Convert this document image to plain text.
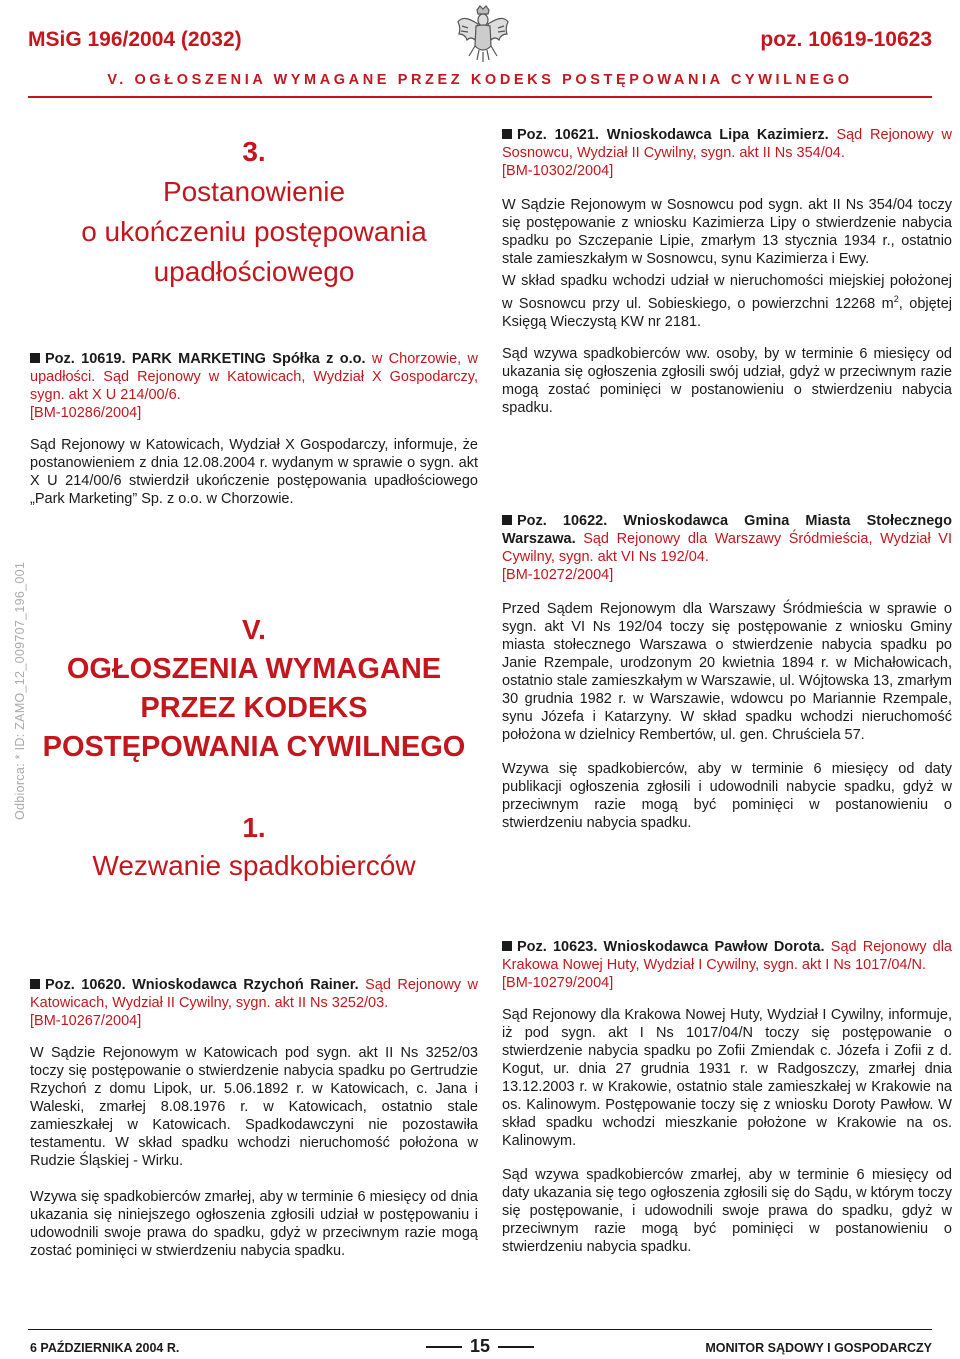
MSiG 196/2004 (2032)	poz. 10619-10623
V. OGŁOSZENIA WYMAGANE PRZEZ KODEKS POSTĘPOWANIA CYWILNEGO
Odbiorca: * ID: ZAMO_12_009707_196_001
3.
Postanowienie
o ukończeniu postępowania
upadłościowego
Poz. 10619. PARK MARKETING Spółka z o.o. w Chorzowie, w upadłości. Sąd Rejonowy w Katowicach, Wydział X Gospodarczy, sygn. akt X U 214/00/6.
[BM-10286/2004]

Sąd Rejonowy w Katowicach, Wydział X Gospodarczy, informuje, że postanowieniem z dnia 12.08.2004 r. wydanym w sprawie o sygn. akt X U 214/00/6 stwierdził ukończenie postępowania upadłościowego „Park Marketing” Sp. z o.o. w Chorzowie.

V.
OGŁOSZENIA WYMAGANE
PRZEZ KODEKS
POSTĘPOWANIA CYWILNEGO
1.
Wezwanie spadkobierców
Poz. 10620. Wnioskodawca Rzychoń Rainer. Sąd Rejonowy w Katowicach, Wydział II Cywilny, sygn. akt II Ns 3252/03.
[BM-10267/2004]

W Sądzie Rejonowym w Katowicach pod sygn. akt II Ns 3252/03 toczy się postępowanie o stwierdzenie nabycia spadku po Gertrudzie Rzychoń z domu Lipok, ur. 5.06.1892 r. w Katowicach, c. Jana i Waleski, zmarłej 8.08.1976 r. w Katowicach, ostatnio stale zamieszkałej w Katowicach. Spadkodawczyni nie pozostawiła testamentu. W skład spadku wchodzi nieruchomość położona w Rudzie Śląskiej - Wirku.

Wzywa się spadkobierców zmarłej, aby w terminie 6 miesięcy od dnia ukazania się niniejszego ogłoszenia zgłosili udział w postępowaniu i udowodnili swoje prawa do spadku, gdyż w przeciwnym razie mogą zostać pominięci w stwierdzeniu nabycia spadku.

Poz. 10621. Wnioskodawca Lipa Kazimierz. Sąd Rejonowy w Sosnowcu, Wydział II Cywilny, sygn. akt II Ns 354/04.
[BM-10302/2004]

W Sądzie Rejonowym w Sosnowcu pod sygn. akt II Ns 354/04 toczy się postępowanie z wniosku Kazimierza Lipy o stwierdzenie nabycia spadku po Szczepanie Lipie, zmarłym 13 stycznia 1934 r., ostatnio stale zamieszkałym w Sosnowcu, synu Kazimierza i Ewy.

W skład spadku wchodzi udział w nieruchomości miejskiej położonej w Sosnowcu przy ul. Sobieskiego, o powierzchni 12268 $m^2$, objętej Księgą Wieczystą KW nr 2181.

Sąd wzywa spadkobierców ww. osoby, by w terminie 6 miesięcy od ukazania się ogłoszenia zgłosili swój udział, gdyż w przeciwnym razie mogą zostać pominięci w postanowieniu o stwierdzeniu nabycia spadku.

Poz. 10622. Wnioskodawca Gmina Miasta Stołecznego Warszawa. Sąd Rejonowy dla Warszawy Śródmieścia, Wydział VI Cywilny, sygn. akt VI Ns 192/04.
[BM-10272/2004]

Przed Sądem Rejonowym dla Warszawy Śródmieścia w sprawie o sygn. akt VI Ns 192/04 toczy się postępowanie z wniosku Gminy miasta stołecznego Warszawa o stwierdzenie nabycia spadku po Janie Rzempale, urodzonym 20 kwietnia 1894 r. w Michałowicach, ostatnio stale zamieszkałym w Warszawie, ul. Wójtowska 13, zmarłym 30 grudnia 1982 r. w Warszawie, wdowcu po Mariannie Rzempale, synu Józefa i Katarzyny. W skład spadku wchodzi nieruchomość położona w dzielnicy Rembertów, ul. gen. Chruściela 57.

Wzywa się spadkobierców, aby w terminie 6 miesięcy od daty publikacji ogłoszenia zgłosili i udowodnili nabycie spadku, gdyż w przeciwnym razie mogą być pominięci w postanowieniu o stwierdzeniu nabycia spadku.

Poz. 10623. Wnioskodawca Pawłow Dorota. Sąd Rejonowy dla Krakowa Nowej Huty, Wydział I Cywilny, sygn. akt I Ns 1017/04/N.
[BM-10279/2004]

Sąd Rejonowy dla Krakowa Nowej Huty, Wydział I Cywilny, informuje, iż pod sygn. akt I Ns 1017/04/N toczy się postępowanie o stwierdzenie nabycia spadku po Zofii Zmiendak c. Józefa i Zofii z d. Kogut, ur. dnia 27 grudnia 1931 r. w Radgoszczy, zmarłej dnia 13.12.2003 r. w Krakowie, ostatnio stale zamieszkałej w Krakowie na os. Kalinowym. Postępowanie toczy się z wniosku Doroty Pawłow. W skład spadku wchodzi mieszkanie położone w Krakowie na os. Kalinowym.

Sąd wzywa spadkobierców zmarłej, aby w terminie 6 miesięcy od daty ukazania się tego ogłoszenia zgłosili się do Sądu, w którym toczy się postępowanie, i udowodnili swoje prawa do spadku, gdyż w przeciwnym razie mogą być pominięci w postanowieniu o stwierdzeniu nabycia spadku.

6 PAŹDZIERNIKA 2004 R.	15	MONITOR SĄDOWY I GOSPODARCZY
